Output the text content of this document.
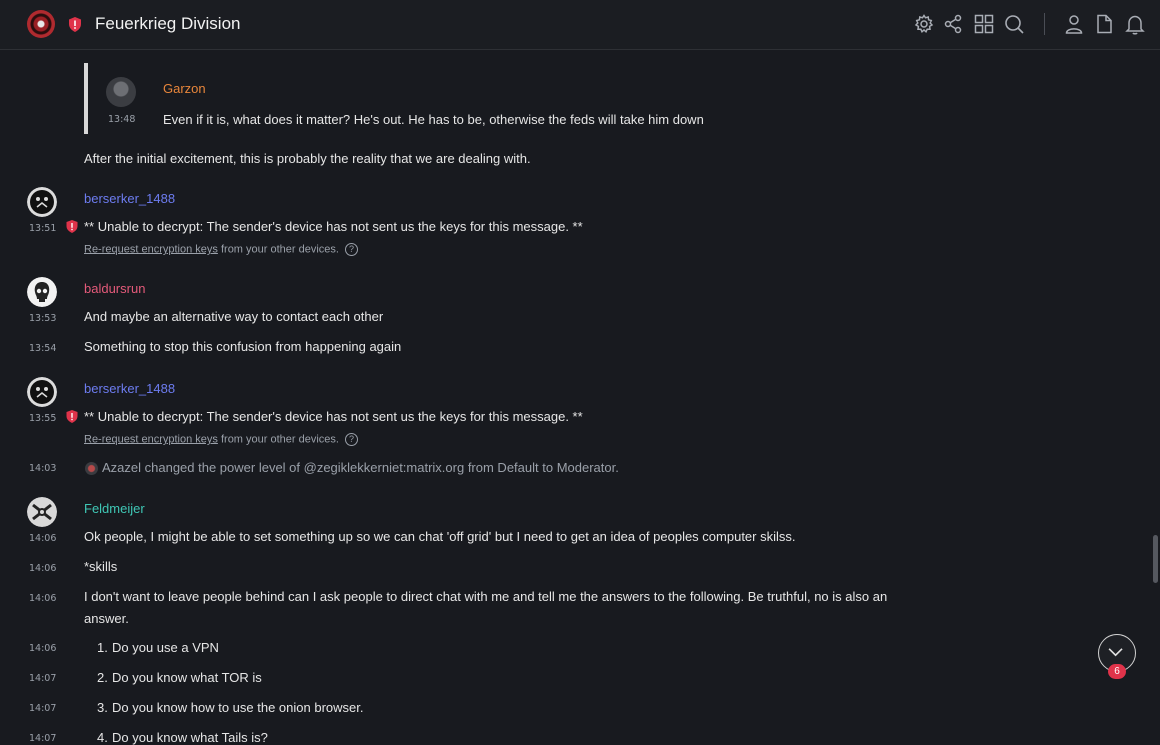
Feuerkrieg Division
Garzon
13:48 Even if it is, what does it matter? He's out. He has to be, otherwise the feds will take him down
After the initial excitement, this is probably the reality that we are dealing with.
berserker_1488
13:51 ** Unable to decrypt: The sender's device has not sent us the keys for this message. **
Re-request encryption keys from your other devices. ?
baldursrun
13:53 And maybe an alternative way to contact each other
13:54 Something to stop this confusion from happening again
berserker_1488
13:55 ** Unable to decrypt: The sender's device has not sent us the keys for this message. **
Re-request encryption keys from your other devices. ?
14:03	Azazel changed the power level of @zegiklekkerniet:matrix.org from Default to Moderator.
Feldmeijer
14:06 Ok people, I might be able to set something up so we can chat 'off grid' but I need to get an idea of peoples computer skilss.
14:06 *skills
14:06 I don't want to leave people behind can I ask people to direct chat with me and tell me the answers to the following. Be truthful, no is also an
answer.
14:06	1. Do you use a VPN
14:07	2. Do you know what TOR is
14:07	3. Do you know how to use the onion browser.
14:07	4. Do you know what Tails is?
6
